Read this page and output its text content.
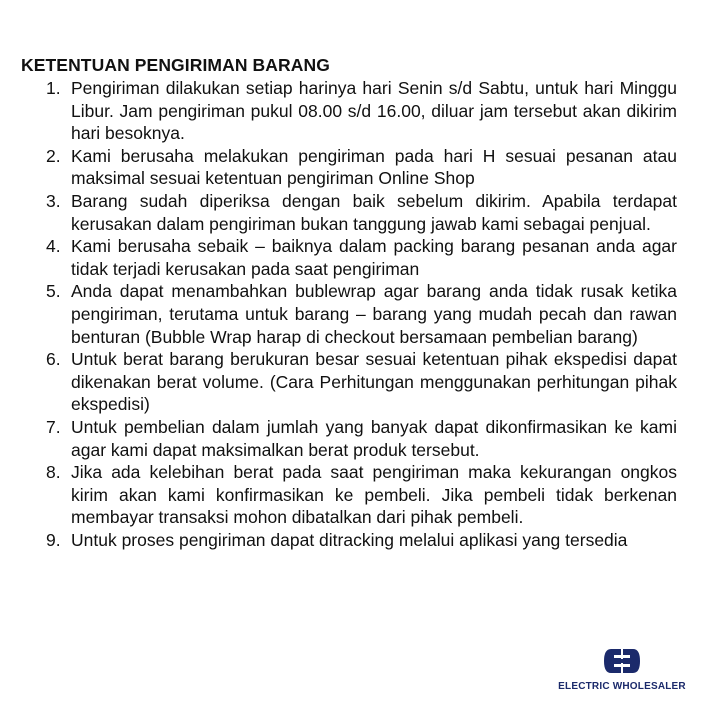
KETENTUAN PENGIRIMAN BARANG
1. Pengiriman dilakukan setiap harinya hari Senin s/d Sabtu, untuk hari Minggu Libur. Jam pengiriman pukul 08.00 s/d 16.00, diluar jam tersebut akan dikirim hari besoknya.
2. Kami berusaha melakukan pengiriman pada hari H sesuai pesanan atau maksimal sesuai ketentuan pengiriman Online Shop
3. Barang sudah diperiksa dengan baik sebelum dikirim. Apabila terdapat kerusakan dalam pengiriman bukan tanggung jawab kami sebagai penjual.
4. Kami berusaha sebaik – baiknya dalam packing barang pesanan anda agar tidak terjadi kerusakan pada saat pengiriman
5. Anda dapat menambahkan bublewrap agar barang anda tidak rusak ketika pengiriman, terutama untuk barang – barang yang mudah pecah dan rawan benturan (Bubble Wrap harap di checkout bersamaan pembelian barang)
6. Untuk berat barang berukuran besar sesuai ketentuan pihak ekspedisi dapat dikenakan berat volume. (Cara Perhitungan menggunakan perhitungan pihak ekspedisi)
7. Untuk pembelian dalam jumlah yang banyak dapat dikonfirmasikan ke kami agar kami dapat maksimalkan berat produk tersebut.
8. Jika ada kelebihan berat pada saat pengiriman maka kekurangan ongkos kirim akan kami konfirmasikan ke pembeli. Jika pembeli tidak berkenan membayar transaksi mohon dibatalkan dari pihak pembeli.
9. Untuk proses pengiriman dapat ditracking melalui aplikasi yang tersedia
ELECTRIC WHOLESALER
